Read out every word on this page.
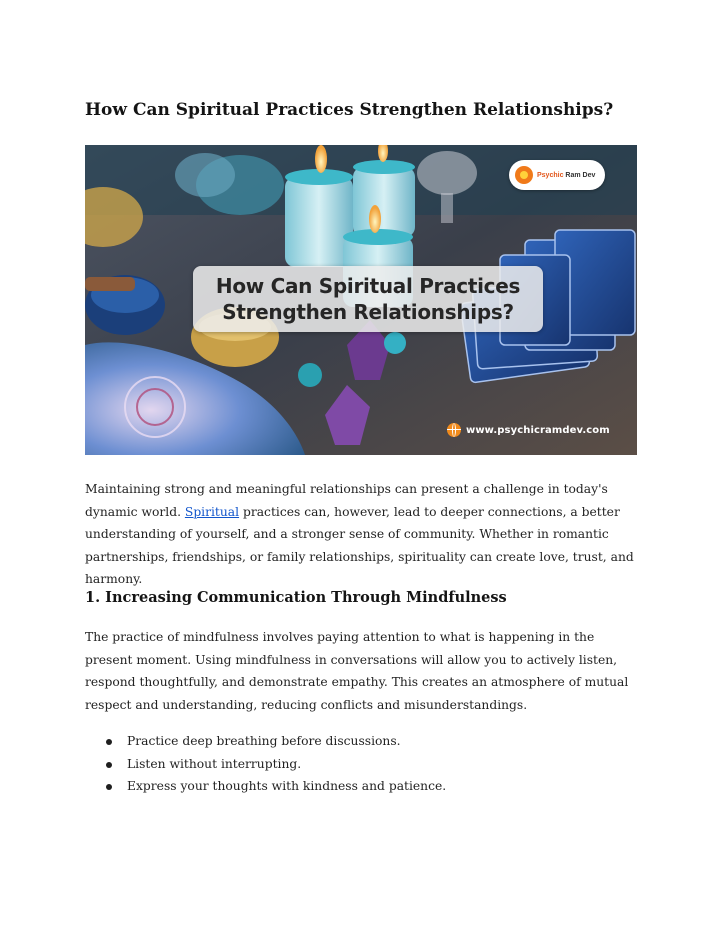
How Can Spiritual Practices Strengthen Relationships?
Psychic Ram Dev
How Can Spiritual Practices
Strengthen Relationships?
www.psychicramdev.com

Maintaining strong and meaningful relationships can present a challenge in today's dynamic world. Spiritual practices can, however, lead to deeper connections, a better understanding of yourself, and a stronger sense of community. Whether in romantic partnerships, friendships, or family relationships, spirituality can create love, trust, and harmony.

1. Increasing Communication Through Mindfulness

The practice of mindfulness involves paying attention to what is happening in the present moment. Using mindfulness in conversations will allow you to actively listen, respond thoughtfully, and demonstrate empathy. This creates an atmosphere of mutual respect and understanding, reducing conflicts and misunderstandings.

Practice deep breathing before discussions.
Listen without interrupting.
Express your thoughts with kindness and patience.
